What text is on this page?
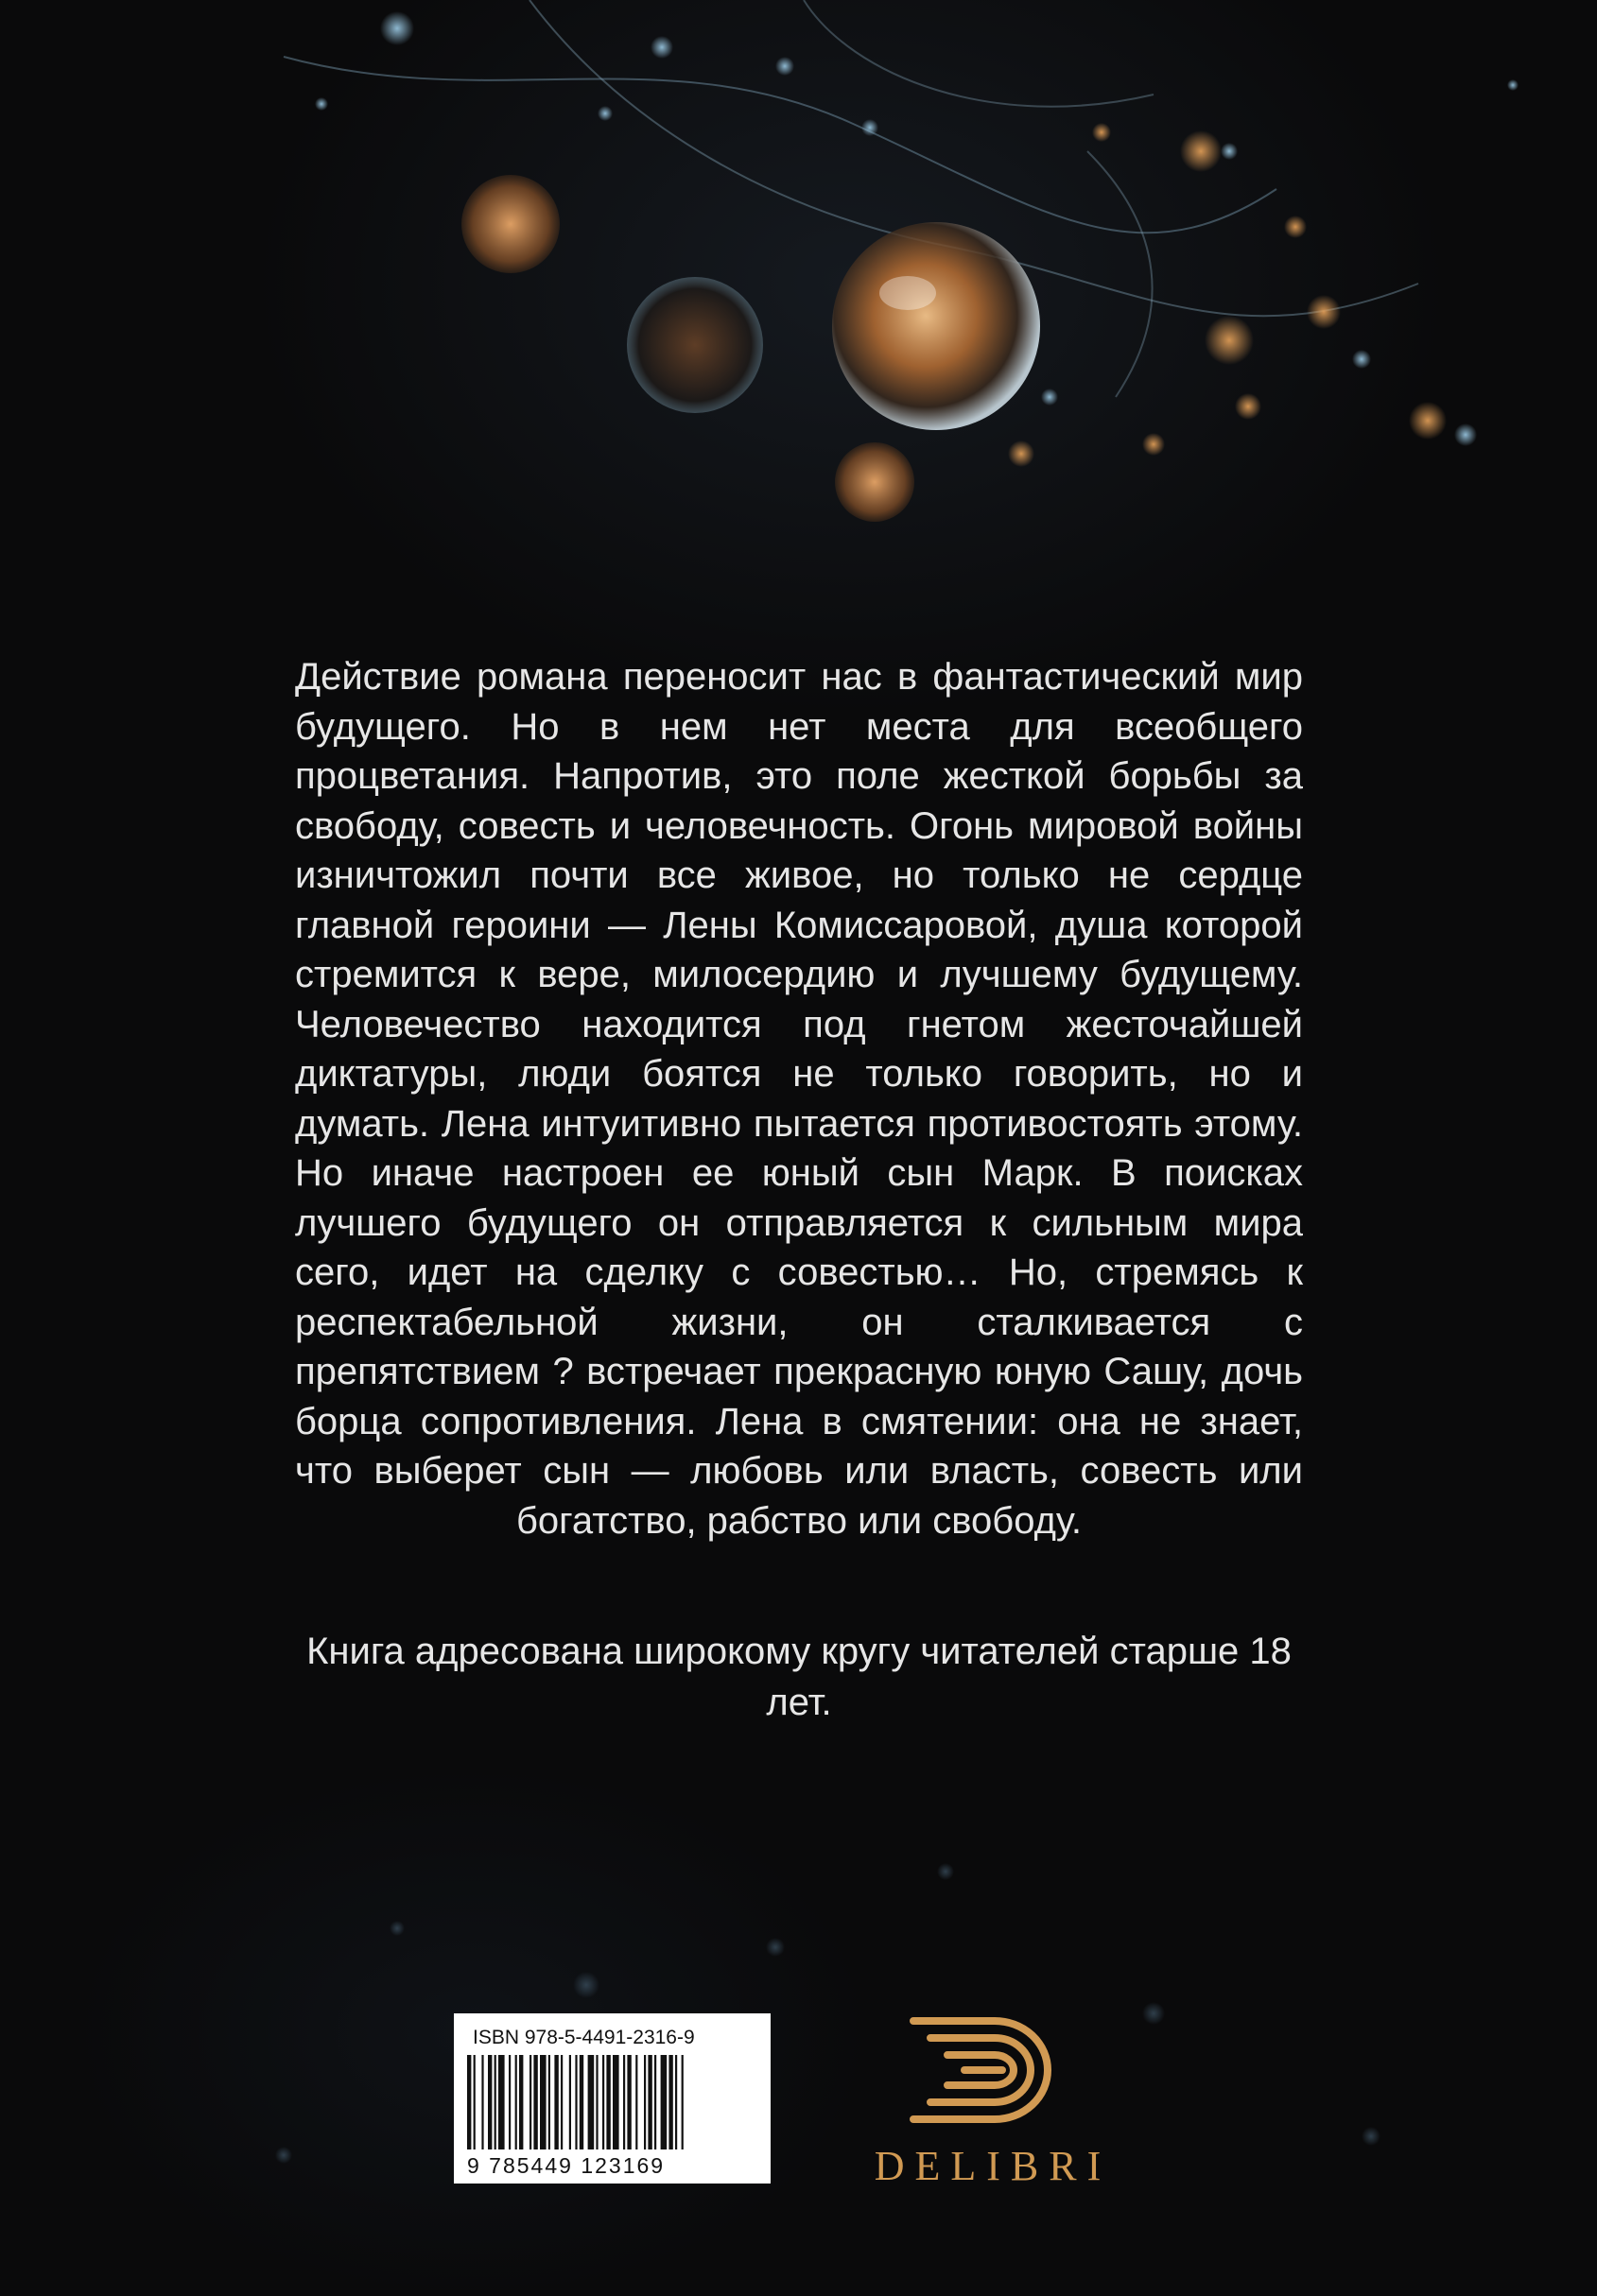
Действие романа переносит нас в фантастический мир будущего. Но в нем нет места для всеобщего процветания. Напротив, это поле жесткой борьбы за свободу, совесть и человечность. Огонь мировой войны изничтожил почти все живое, но только не сердце главной героини — Лены Комиссаровой, душа которой стремится к вере, милосердию и лучшему будущему. Человечество находится под гнетом жесточайшей диктатуры, люди боятся не только говорить, но и думать. Лена интуитивно пытается противостоять этому. Но иначе настроен ее юный сын Марк. В поисках лучшего будущего он отправляется к сильным мира сего, идет на сделку с совестью… Но, стремясь к респектабельной жизни, он сталкивается с препятствием ? встречает прекрасную юную Сашу, дочь борца сопротивления. Лена в смятении: она не знает, что выберет сын — любовь или власть, совесть или богатство, рабство или свободу.

Книга адресована широкому кругу читателей старше 18 лет.

ISBN 978-5-4491-2316-9
9 785449 123169	DELIBRI
